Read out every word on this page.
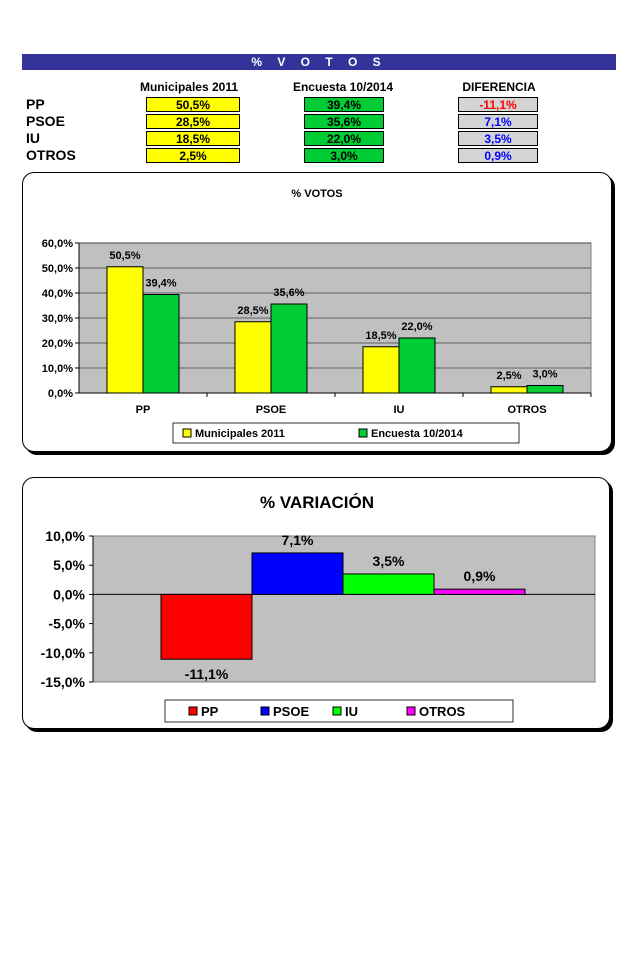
% V O T O S
Municipales 2011	Encuesta 10/2014	DIFERENCIA
PP	50,5%	39,4%	-11,1%
PSOE	28,5%	35,6%	7,1%
IU	18,5%	22,0%	3,5%
OTROS	2,5%	3,0%	0,9%
% VOTOS
0,0%
10,0%
20,0%
30,0%
40,0%
50,0%
60,0%
PP
50,5%
39,4%
PSOE
28,5%
35,6%
IU
18,5%
22,0%
OTROS
2,5% 3,0%
Municipales 2011	Encuesta 10/2014
% VARIACIÓN
-15,0%
-10,0%
-5,0%
0,0%
5,0%
10,0%
-11,1%
7,1%
3,5%
0,9%
PP	PSOE	IU	OTROS
